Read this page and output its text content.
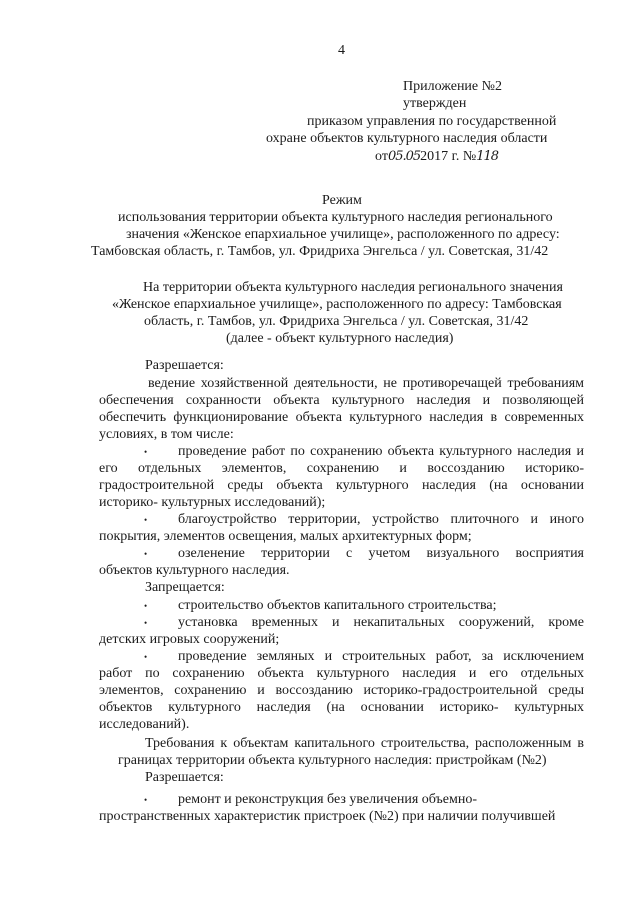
4
Приложение №2
утвержден
приказом управления по государственной
охране объектов культурного наследия области
от05.052017 г. №118
Режим
использования территории объекта культурного наследия регионального
значения «Женское епархиальное училище», расположенного по адресу:
Тамбовская область, г. Тамбов, ул. Фридриха Энгельса / ул. Советская, 31/42
На территории объекта культурного наследия регионального значения
«Женское епархиальное училище», расположенного по адресу: Тамбовская
область, г. Тамбов, ул. Фридриха Энгельса / ул. Советская, 31/42
(далее - объект культурного наследия)
Разрешается:
ведение хозяйственной деятельности, не противоречащей требованиям
обеспечения сохранности объекта культурного наследия и позволяющей
обеспечить функционирование объекта культурного наследия в современных
условиях, в том числе:
• проведение работ по сохранению объекта культурного наследия и
его отдельных элементов, сохранению и воссозданию историко-
градостроительной среды объекта культурного наследия (на основании
историко- культурных исследований);
• благоустройство территории, устройство плиточного и иного
покрытия, элементов освещения, малых архитектурных форм;
• озеленение территории с учетом визуального восприятия
объектов культурного наследия.
Запрещается:
• строительство объектов капитального строительства;
• установка временных и некапитальных сооружений, кроме
детских игровых сооружений;
• проведение земляных и строительных работ, за исключением
работ по сохранению объекта культурного наследия и его отдельных
элементов, сохранению и воссозданию историко-градостроительной среды
объектов культурного наследия (на основании историко- культурных
исследований).
Требования к объектам капитального строительства, расположенным в
границах территории объекта культурного наследия: пристройкам (№2)
Разрешается:
• ремонт и реконструкция без увеличения объемно-
пространственных характеристик пристроек (№2) при наличии получившей
